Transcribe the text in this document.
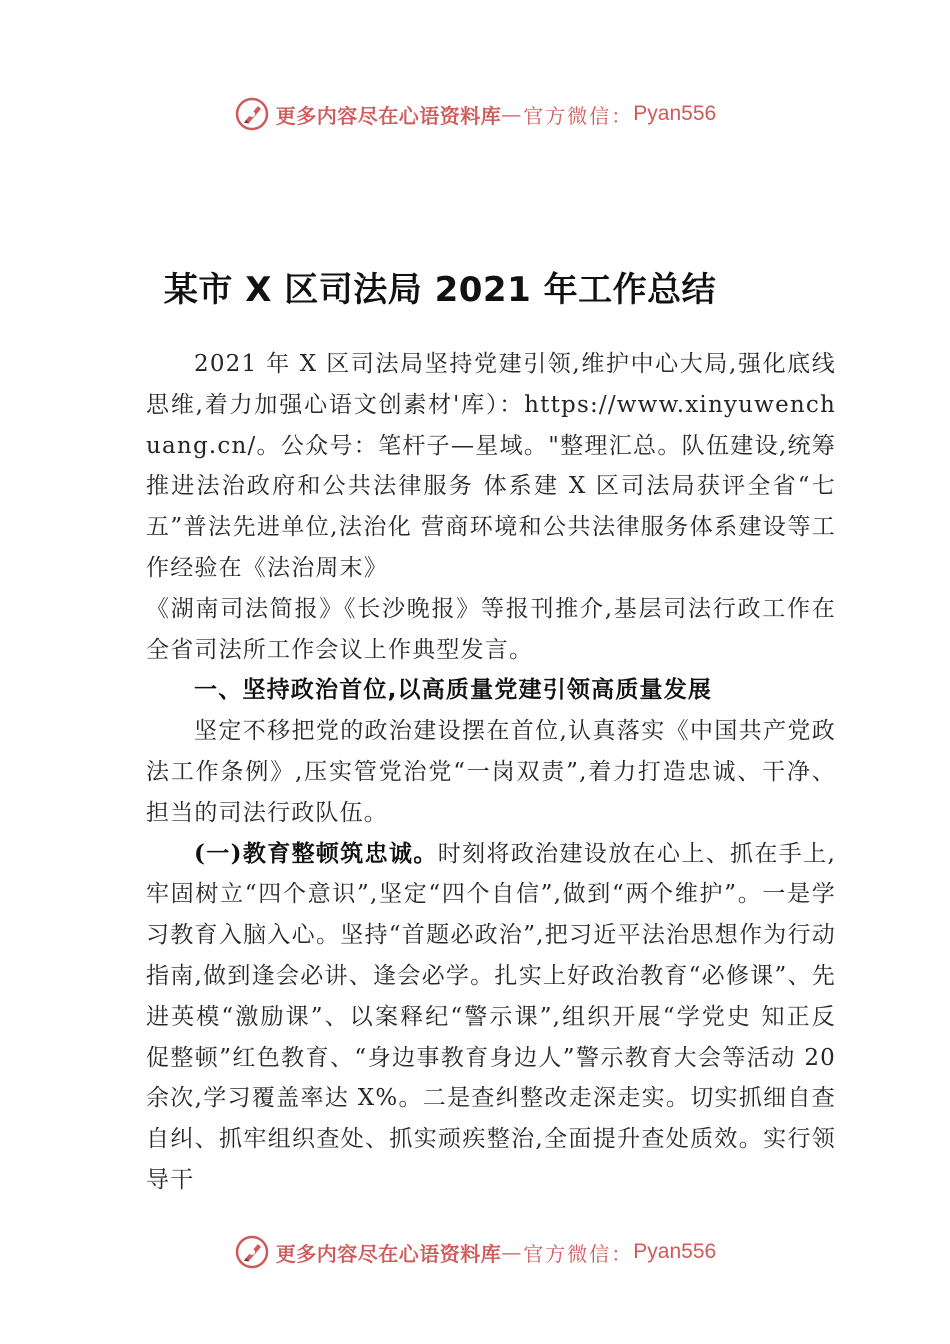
更多内容尽在心语资料库 — 官方微信： Pyan556
某市 X 区司法局 2021 年工作总结

2021 年 X 区司法局坚持党建引领,维护中心大局,强化底线思维,着力加强心语文创素材'库）：https://www.xinyuwenchuang.cn/。公众号：笔杆子—星域。"整理汇总。队伍建设,统筹推进法治政府和公共法律服务 体系建 X 区司法局获评全省“七五”普法先进单位,法治化 营商环境和公共法律服务体系建设等工作经验在《法治周末》

《湖南司法简报》《长沙晚报》等报刊推介,基层司法行政工作在全省司法所工作会议上作典型发言。

一、坚持政治首位,以高质量党建引领高质量发展

坚定不移把党的政治建设摆在首位,认真落实《中国共产党政法工作条例》,压实管党治党“一岗双责”,着力打造忠诚、干净、担当的司法行政队伍。

(一)教育整顿筑忠诚。时刻将政治建设放在心上、抓在手上,牢固树立“四个意识”,坚定“四个自信”,做到“两个维护”。一是学习教育入脑入心。坚持“首题必政治”,把习近平法治思想作为行动指南,做到逢会必讲、逢会必学。扎实上好政治教育“必修课”、先进英模“激励课”、以案释纪“警示课”,组织开展“学党史 知正反 促整顿”红色教育、“身边事教育身边人”警示教育大会等活动 20 余次,学习覆盖率达 X%。二是查纠整改走深走实。切实抓细自查自纠、抓牢组织查处、抓实顽疾整治,全面提升查处质效。实行领导干

更多内容尽在心语资料库 — 官方微信： Pyan556
